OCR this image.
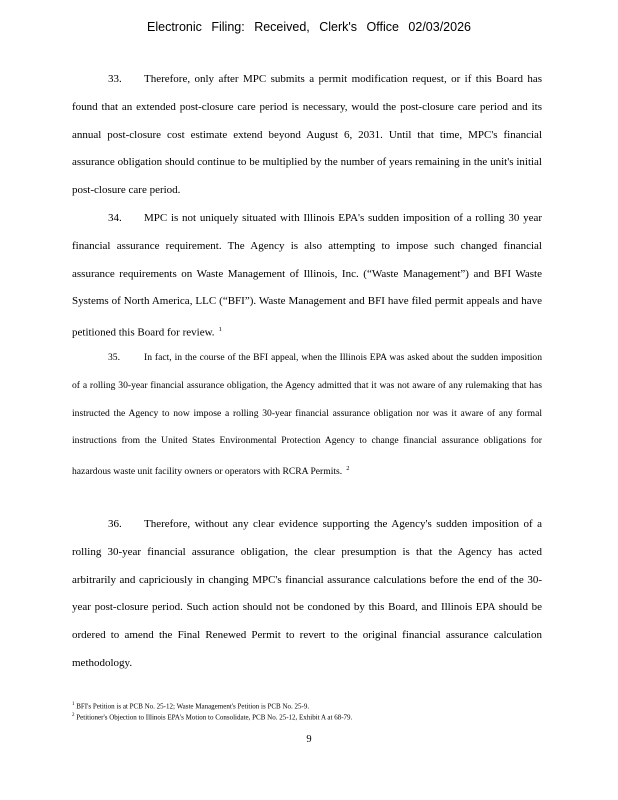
Electronic Filing: Received, Clerk's Office 02/03/2026
33. Therefore, only after MPC submits a permit modification request, or if this Board has found that an extended post-closure care period is necessary, would the post-closure care period and its annual post-closure cost estimate extend beyond August 6, 2031. Until that time, MPC's financial assurance obligation should continue to be multiplied by the number of years remaining in the unit's initial post-closure care period.
34. MPC is not uniquely situated with Illinois EPA's sudden imposition of a rolling 30 year financial assurance requirement. The Agency is also attempting to impose such changed financial assurance requirements on Waste Management of Illinois, Inc. (“Waste Management”) and BFI Waste Systems of North America, LLC (“BFI”). Waste Management and BFI have filed permit appeals and have petitioned this Board for review. $^1$
35.	In fact, in the course of the BFI appeal, when the Illinois EPA was asked about the sudden imposition of a rolling 30-year financial assurance obligation, the Agency admitted that it was not aware of any rulemaking that has instructed the Agency to now impose a rolling 30-year financial assurance obligation nor was it aware of any formal instructions from the United States Environmental Protection Agency to change financial assurance obligations for hazardous waste unit facility owners or operators with RCRA Permits. $^2$
36. Therefore, without any clear evidence supporting the Agency's sudden imposition of a rolling 30-year financial assurance obligation, the clear presumption is that the Agency has acted arbitrarily and capriciously in changing MPC's financial assurance calculations before the end of the 30-year post-closure period. Such action should not be condoned by this Board, and Illinois EPA should be ordered to amend the Final Renewed Permit to revert to the original financial assurance calculation methodology.
$^1$ BFI's Petition is at PCB No. 25-12; Waste Management's Petition is PCB No. 25-9.
$^2$ Petitioner's Objection to Illinois EPA's Motion to Consolidate, PCB No. 25-12, Exhibit A at 68-79.
9
